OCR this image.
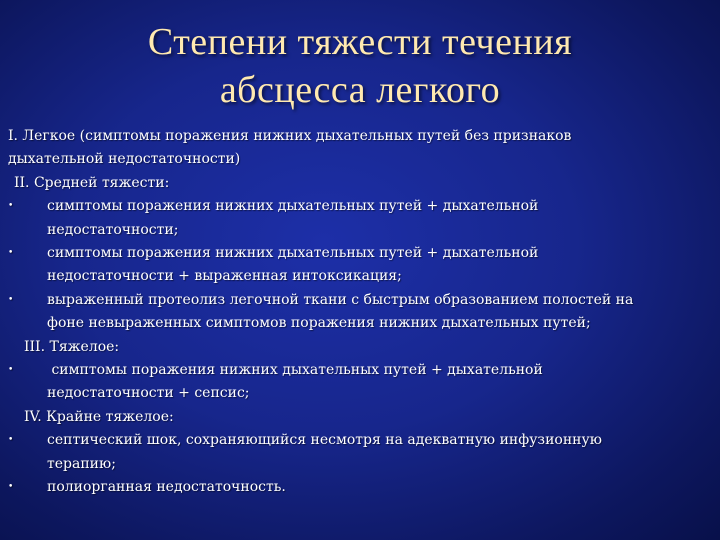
Степени тяжести течения
абсцесса легкого

I. Легкое (симптомы поражения нижних дыхательных путей без признаков

дыхательной недостаточности)

II. Средней тяжести:

• симптомы поражения нижних дыхательных путей + дыхательной
недостаточности;
• симптомы поражения нижних дыхательных путей + дыхательной
недостаточности + выраженная интоксикация;
• выраженный протеолиз легочной ткани с быстрым образованием полостей на
фоне невыраженных симптомов поражения нижних дыхательных путей;

III. Тяжелое:

• симптомы поражения нижних дыхательных путей + дыхательной
недостаточности + сепсис;

IV. Крайне тяжелое:

• септический шок, сохраняющийся несмотря на адекватную инфузионную
терапию;
• полиорганная недостаточность.
